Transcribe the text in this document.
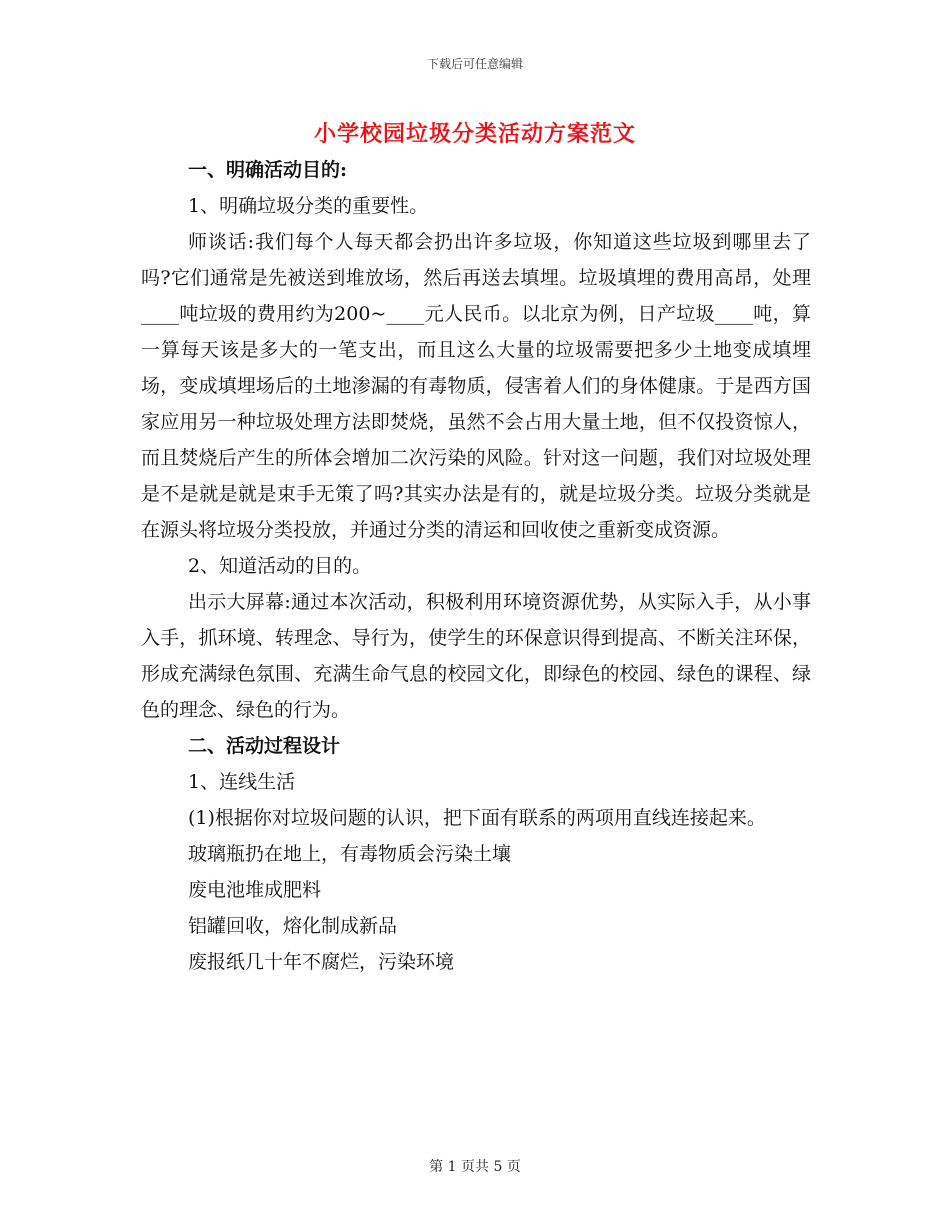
下载后可任意编辑
小学校园垃圾分类活动方案范文
一、明确活动目的:
1、明确垃圾分类的重要性。

师谈话:我们每个人每天都会扔出许多垃圾，你知道这些垃圾到哪里去了吗?它们通常是先被送到堆放场，然后再送去填埋。垃圾填埋的费用高昂，处理____吨垃圾的费用约为200~____元人民币。以北京为例，日产垃圾____吨，算一算每天该是多大的一笔支出，而且这么大量的垃圾需要把多少土地变成填埋场，变成填埋场后的土地渗漏的有毒物质，侵害着人们的身体健康。于是西方国家应用另一种垃圾处理方法即焚烧，虽然不会占用大量土地，但不仅投资惊人，而且焚烧后产生的所体会增加二次污染的风险。针对这一问题，我们对垃圾处理是不是就是就是束手无策了吗?其实办法是有的，就是垃圾分类。垃圾分类就是在源头将垃圾分类投放，并通过分类的清运和回收使之重新变成资源。

2、知道活动的目的。

出示大屏幕:通过本次活动，积极利用环境资源优势，从实际入手，从小事入手，抓环境、转理念、导行为，使学生的环保意识得到提高、不断关注环保，形成充满绿色氛围、充满生命气息的校园文化，即绿色的校园、绿色的课程、绿色的理念、绿色的行为。

二、活动过程设计
1、连线生活

(1)根据你对垃圾问题的认识，把下面有联系的两项用直线连接起来。

玻璃瓶扔在地上，有毒物质会污染土壤
废电池堆成肥料
铝罐回收，熔化制成新品
废报纸几十年不腐烂，污染环境
第 1 页共 5 页
